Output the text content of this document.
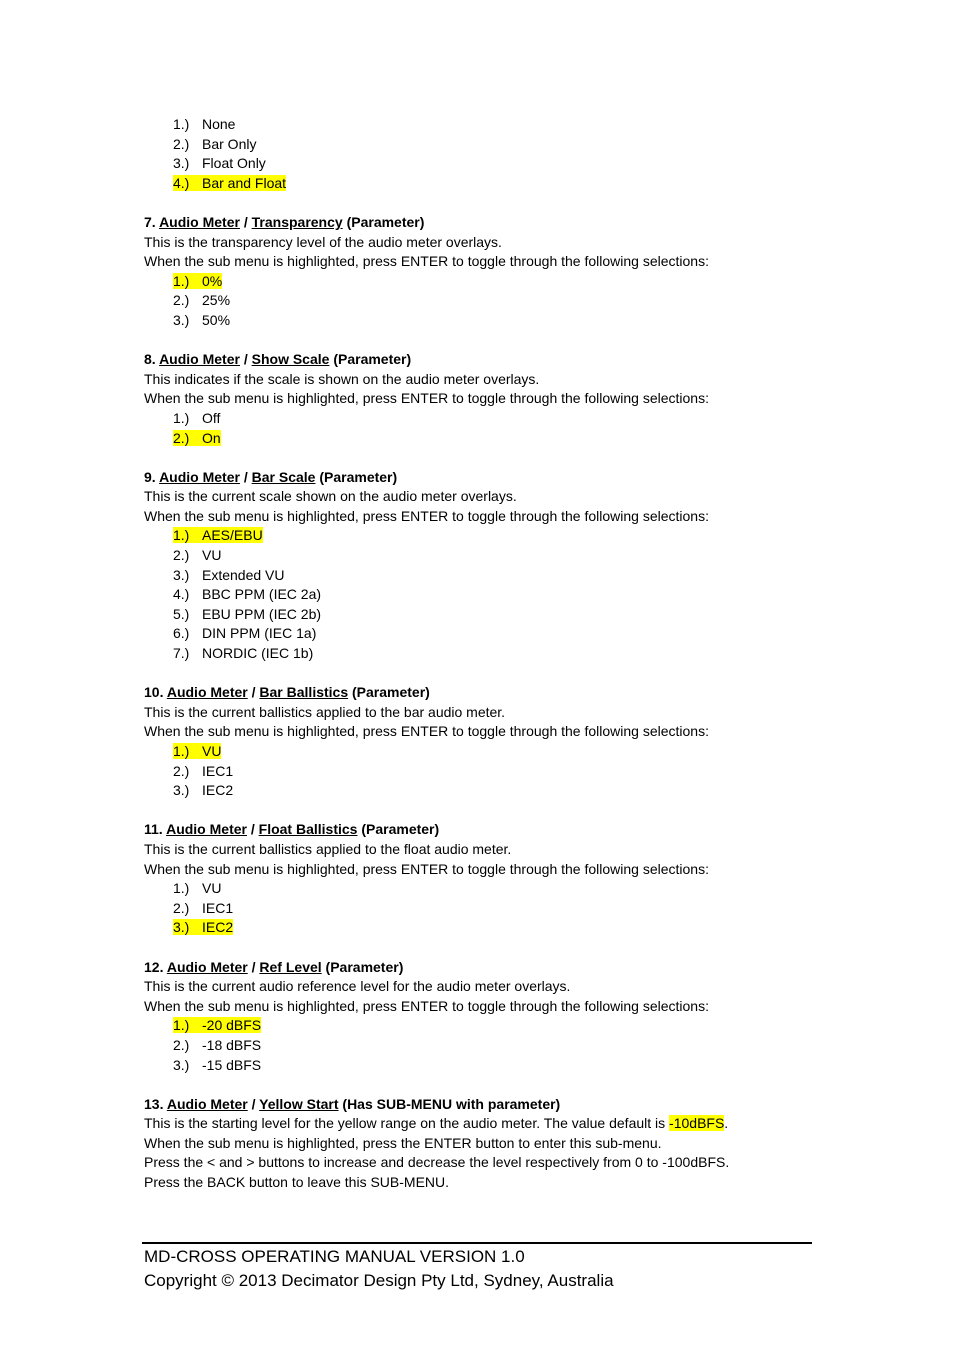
1.) None
2.) Bar Only
3.) Float Only
4.) Bar and Float
7. Audio Meter / Transparency (Parameter)
This is the transparency level of the audio meter overlays.
When the sub menu is highlighted, press ENTER to toggle through the following selections:
1.) 0%
2.) 25%
3.) 50%
8. Audio Meter / Show Scale (Parameter)
This indicates if the scale is shown on the audio meter overlays.
When the sub menu is highlighted, press ENTER to toggle through the following selections:
1.) Off
2.) On
9. Audio Meter / Bar Scale (Parameter)
This is the current scale shown on the audio meter overlays.
When the sub menu is highlighted, press ENTER to toggle through the following selections:
1.) AES/EBU
2.) VU
3.) Extended VU
4.) BBC PPM (IEC 2a)
5.) EBU PPM (IEC 2b)
6.) DIN PPM (IEC 1a)
7.) NORDIC (IEC 1b)
10. Audio Meter / Bar Ballistics (Parameter)
This is the current ballistics applied to the bar audio meter.
When the sub menu is highlighted, press ENTER to toggle through the following selections:
1.) VU
2.) IEC1
3.) IEC2
11. Audio Meter / Float Ballistics (Parameter)
This is the current ballistics applied to the float audio meter.
When the sub menu is highlighted, press ENTER to toggle through the following selections:
1.) VU
2.) IEC1
3.) IEC2
12. Audio Meter / Ref Level (Parameter)
This is the current audio reference level for the audio meter overlays.
When the sub menu is highlighted, press ENTER to toggle through the following selections:
1.) -20 dBFS
2.) -18 dBFS
3.) -15 dBFS
13. Audio Meter / Yellow Start (Has SUB-MENU with parameter)
This is the starting level for the yellow range on the audio meter. The value default is -10dBFS.
When the sub menu is highlighted, press the ENTER button to enter this sub-menu.
Press the < and > buttons to increase and decrease the level respectively from 0 to -100dBFS.
Press the BACK button to leave this SUB-MENU.
MD-CROSS OPERATING MANUAL VERSION 1.0
Copyright © 2013 Decimator Design Pty Ltd, Sydney, Australia
